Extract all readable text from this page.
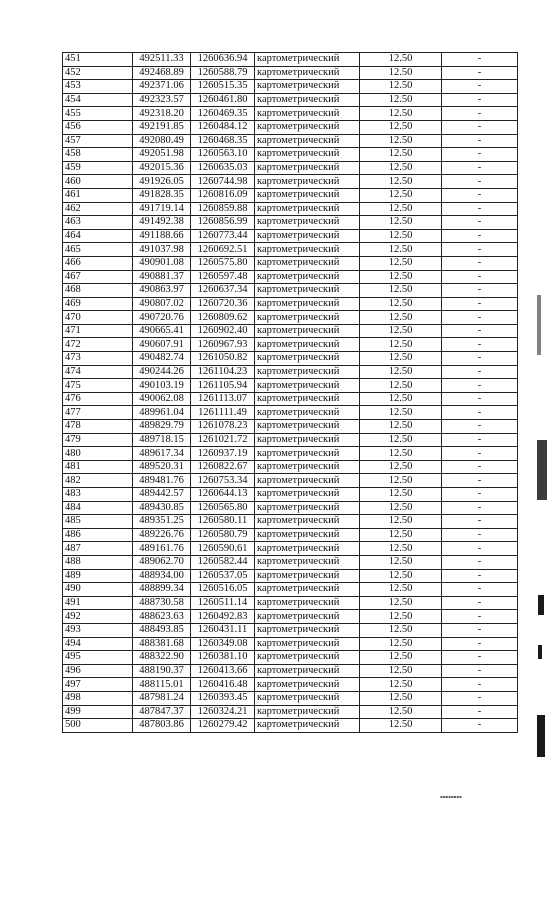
451	492511.33	1260636.94	картометрический	12.50	-
452	492468.89	1260588.79	картометрический	12.50	-
453	492371.06	1260515.35	картометрический	12.50	-
454	492323.57	1260461.80	картометрический	12.50	-
455	492318.20	1260469.35	картометрический	12.50	-
456	492191.85	1260484.12	картометрический	12.50	-
457	492080.49	1260468.35	картометрический	12.50	-
458	492051.98	1260563.10	картометрический	12.50	-
459	492015.36	1260635.03	картометрический	12.50	-
460	491926.05	1260744.98	картометрический	12.50	-
461	491828.35	1260816.09	картометрический	12.50	-
462	491719.14	1260859.88	картометрический	12.50	-
463	491492.38	1260856.99	картометрический	12.50	-
464	491188.66	1260773.44	картометрический	12.50	-
465	491037.98	1260692.51	картометрический	12.50	-
466	490901.08	1260575.80	картометрический	12.50	-
467	490881.37	1260597.48	картометрический	12.50	-
468	490863.97	1260637.34	картометрический	12.50	-
469	490807.02	1260720.36	картометрический	12.50	-
470	490720.76	1260809.62	картометрический	12.50	-
471	490665.41	1260902.40	картометрический	12.50	-
472	490607.91	1260967.93	картометрический	12.50	-
473	490482.74	1261050.82	картометрический	12.50	-
474	490244.26	1261104.23	картометрический	12.50	-
475	490103.19	1261105.94	картометрический	12.50	-
476	490062.08	1261113.07	картометрический	12.50	-
477	489961.04	1261111.49	картометрический	12.50	-
478	489829.79	1261078.23	картометрический	12.50	-
479	489718.15	1261021.72	картометрический	12.50	-
480	489617.34	1260937.19	картометрический	12.50	-
481	489520.31	1260822.67	картометрический	12.50	-
482	489481.76	1260753.34	картометрический	12.50	-
483	489442.57	1260644.13	картометрический	12.50	-
484	489430.85	1260565.80	картометрический	12.50	-
485	489351.25	1260580.11	картометрический	12.50	-
486	489226.76	1260580.79	картометрический	12.50	-
487	489161.76	1260590.61	картометрический	12.50	-
488	489062.70	1260582.44	картометрический	12.50	-
489	488934.00	1260537.05	картометрический	12.50	-
490	488899.34	1260516.05	картометрический	12.50	-
491	488730.58	1260511.14	картометрический	12.50	-
492	488623.63	1260492.83	картометрический	12.50	-
493	488493.85	1260431.11	картометрический	12.50	-
494	488381.68	1260349.08	картометрический	12.50	-
495	488322.90	1260381.10	картометрический	12.50	-
496	488190.37	1260413.66	картометрический	12.50	-
497	488115.01	1260416.48	картометрический	12.50	-
498	487981.24	1260393.45	картометрический	12.50	-
499	487847.37	1260324.21	картометрический	12.50	-
500	487803.86	1260279.42	картометрический	12.50	-
▪▪▪▪▪▪▪▪
